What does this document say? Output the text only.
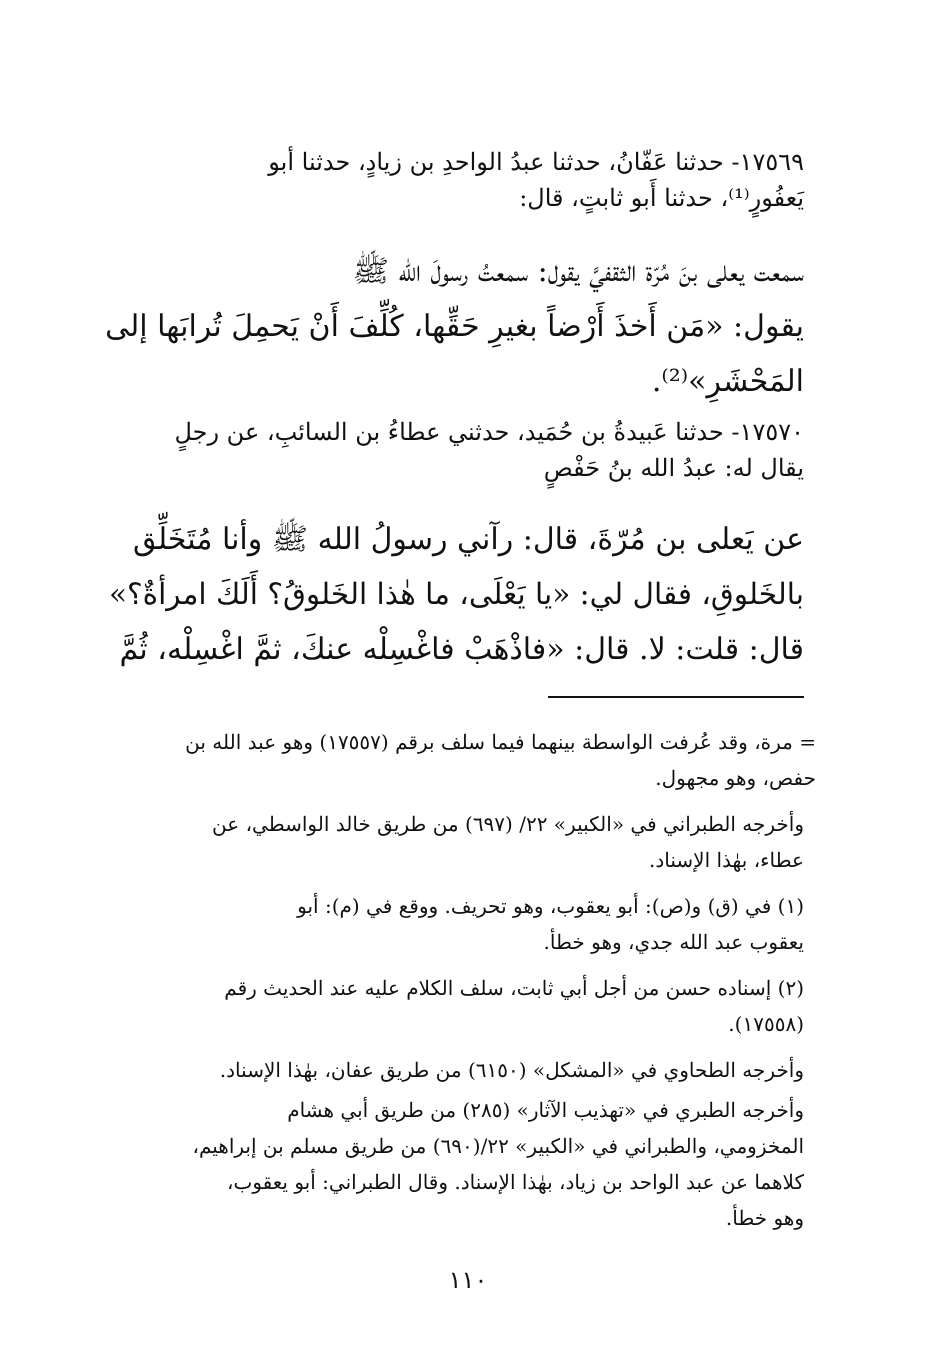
١٧٥٦٩- حدثنا عَفّانُ، حدثنا عبدُ الواحدِ بن زيادٍ، حدثنا أبو
يَعفُورٍ⁽¹⁾، حدثنا أَبو ثابتٍ، قال:
سمعت يعلى بنَ مُرّة الثقفيَّ يقول: سمعتُ رسولَ الله ﷺ
يقول: «مَن أَخذَ أَرْضاً بغيرِ حَقِّها، كُلِّفَ أَنْ يَحمِلَ تُرابَها إلى
المَحْشَرِ»⁽²⁾.
١٧٥٧٠- حدثنا عَبيدةُ بن حُمَيد، حدثني عطاءُ بن السائبِ، عن رجلٍ
يقال له: عبدُ الله بنُ حَفْصٍ
عن يَعلى بن مُرّةَ، قال: رآني رسولُ الله ﷺ وأنا مُتَخَلِّق
بالخَلوقِ، فقال لي: «يا يَعْلَى، ما هٰذا الخَلوقُ؟ أَلَكَ امرأةٌ؟»
قال: قلت: لا. قال: «فاذْهَبْ فاغْسِلْه عنكَ، ثمَّ اغْسِلْه، ثُمَّ
= مرة، وقد عُرفت الواسطة بينهما فيما سلف برقم (١٧٥٥٧) وهو عبد الله بن
حفص، وهو مجهول.
وأخرجه الطبراني في «الكبير» ٢٢/ (٦٩٧) من طريق خالد الواسطي، عن
عطاء، بهٰذا الإسناد.
(١) في (ق) و(ص): أبو يعقوب، وهو تحريف. ووقع في (م): أبو
يعقوب عبد الله جدي، وهو خطأ.
(٢) إسناده حسن من أجل أبي ثابت، سلف الكلام عليه عند الحديث رقم
(١٧٥٥٨).
وأخرجه الطحاوي في «المشكل» (٦١٥٠) من طريق عفان، بهٰذا الإسناد.
وأخرجه الطبري في «تهذيب الآثار» (٢٨٥) من طريق أبي هشام
المخزومي، والطبراني في «الكبير» ٢٢/(٦٩٠) من طريق مسلم بن إبراهيم،
كلاهما عن عبد الواحد بن زياد، بهٰذا الإسناد. وقال الطبراني: أبو يعقوب،
وهو خطأ.
١١٠
